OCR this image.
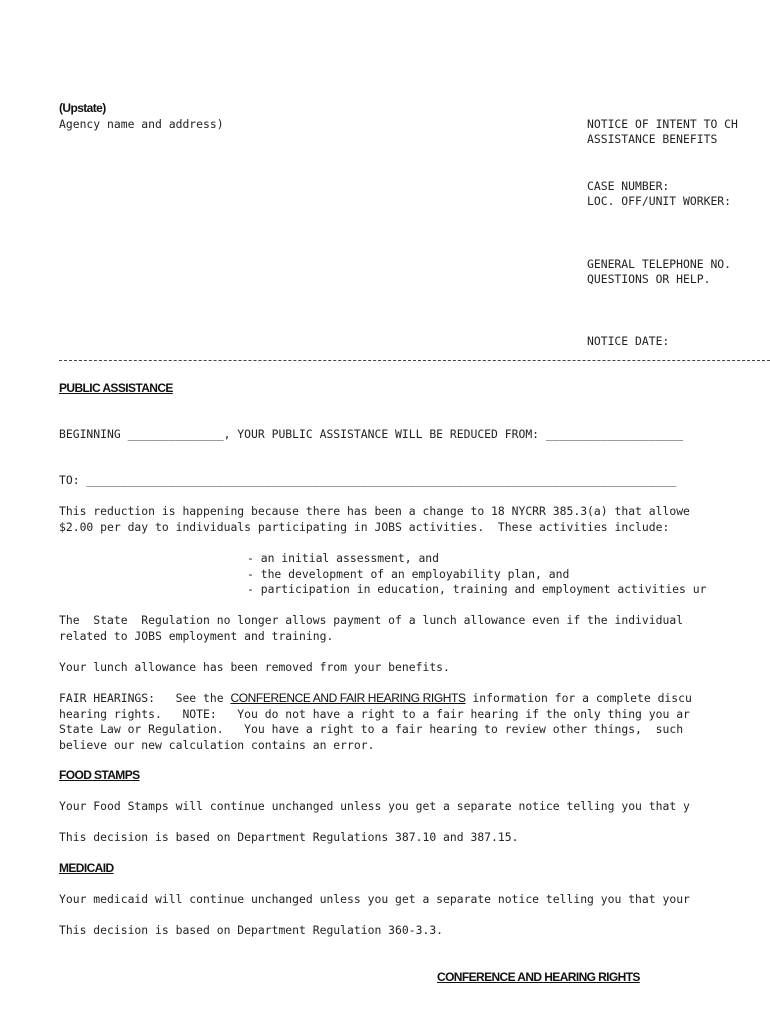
(Upstate)
Agency name and address)	NOTICE OF INTENT TO CH
ASSISTANCE BENEFITS
CASE NUMBER:
LOC. OFF/UNIT WORKER:
GENERAL TELEPHONE NO.
QUESTIONS OR HELP.
NOTICE DATE:
PUBLIC ASSISTANCE
BEGINNING ______________, YOUR PUBLIC ASSISTANCE WILL BE REDUCED FROM: ____________________
TO: ______________________________________________________________________________________
This reduction is happening because there has been a change to 18 NYCRR 385.3(a) that allowe
$2.00 per day to individuals participating in JOBS activities.  These activities include:
- an initial assessment, and
- the development of an employability plan, and
- participation in education, training and employment activities ur
The  State  Regulation no longer allows payment of a lunch allowance even if the individual
related to JOBS employment and training.
Your lunch allowance has been removed from your benefits.
FAIR HEARINGS:   See the CONFERENCE AND FAIR HEARING RIGHTS information for a complete discu
hearing rights.   NOTE:   You do not have a right to a fair hearing if the only thing you ar
State Law or Regulation.   You have a right to a fair hearing to review other things,  such
believe our new calculation contains an error.
FOOD STAMPS
Your Food Stamps will continue unchanged unless you get a separate notice telling you that y
This decision is based on Department Regulations 387.10 and 387.15.
MEDICAID
Your medicaid will continue unchanged unless you get a separate notice telling you that your
This decision is based on Department Regulation 360-3.3.
CONFERENCE AND HEARING RIGHTS
